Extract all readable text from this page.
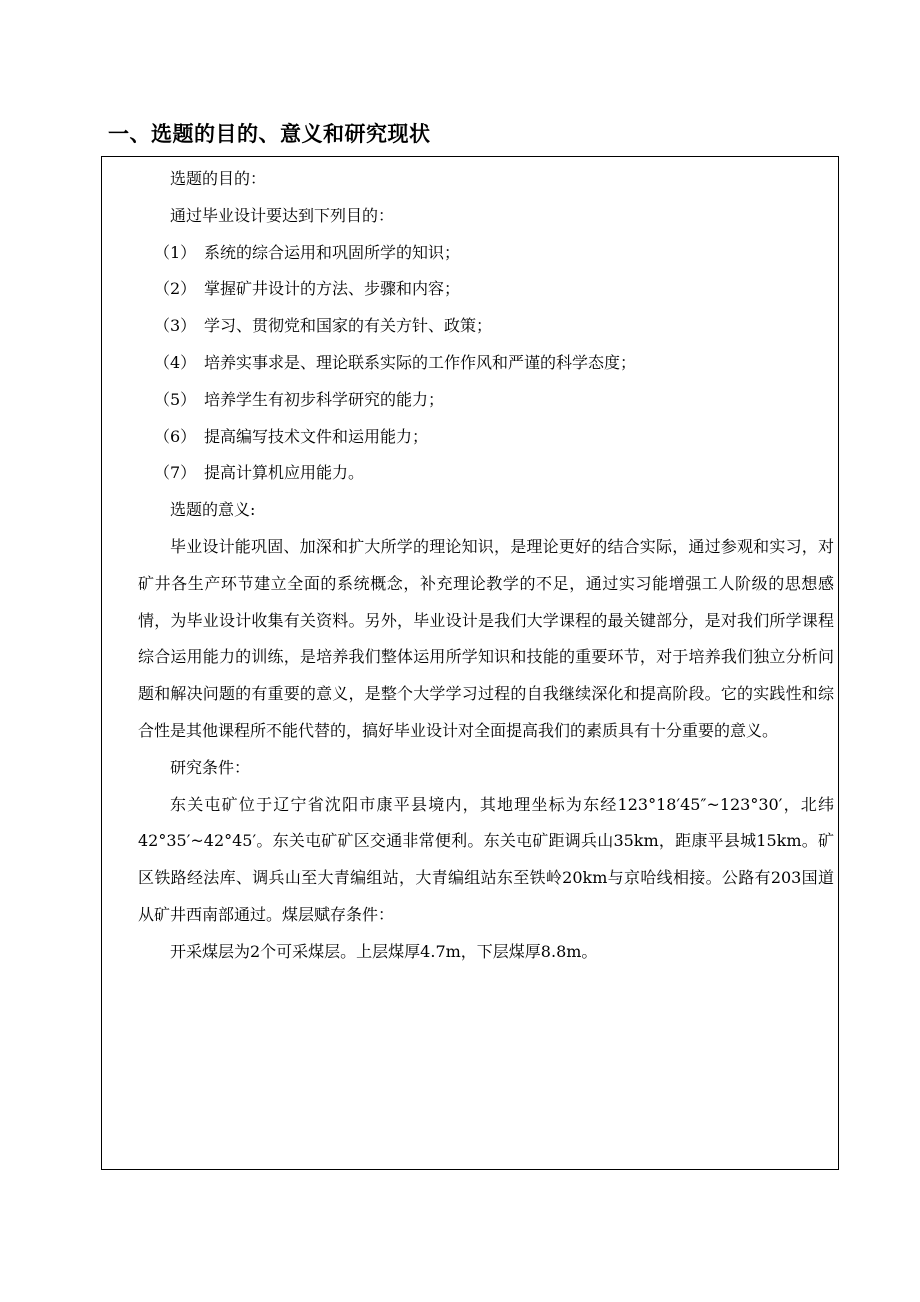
一、选题的目的、意义和研究现状

选题的目的：

通过毕业设计要达到下列目的：

（1） 系统的综合运用和巩固所学的知识；

（2） 掌握矿井设计的方法、步骤和内容；

（3） 学习、贯彻党和国家的有关方针、政策；

（4） 培养实事求是、理论联系实际的工作作风和严谨的科学态度；

（5） 培养学生有初步科学研究的能力；

（6） 提高编写技术文件和运用能力；

（7） 提高计算机应用能力。

选题的意义:

毕业设计能巩固、加深和扩大所学的理论知识，是理论更好的结合实际，通过参观和实习，对矿井各生产环节建立全面的系统概念，补充理论教学的不足，通过实习能增强工人阶级的思想感情，为毕业设计收集有关资料。另外，毕业设计是我们大学课程的最关键部分，是对我们所学课程综合运用能力的训练，是培养我们整体运用所学知识和技能的重要环节，对于培养我们独立分析问题和解决问题的有重要的意义，是整个大学学习过程的自我继续深化和提高阶段。它的实践性和综合性是其他课程所不能代替的，搞好毕业设计对全面提高我们的素质具有十分重要的意义。

研究条件：

东关屯矿位于辽宁省沈阳市康平县境内，其地理坐标为东经123°18′45″~123°30′，北纬42°35′~42°45′。东关屯矿矿区交通非常便利。东关屯矿距调兵山35km，距康平县城15km。矿区铁路经法库、调兵山至大青编组站，大青编组站东至铁岭20km与京哈线相接。公路有203国道从矿井西南部通过。煤层赋存条件：

开采煤层为2个可采煤层。上层煤厚4.7m，下层煤厚8.8m。
